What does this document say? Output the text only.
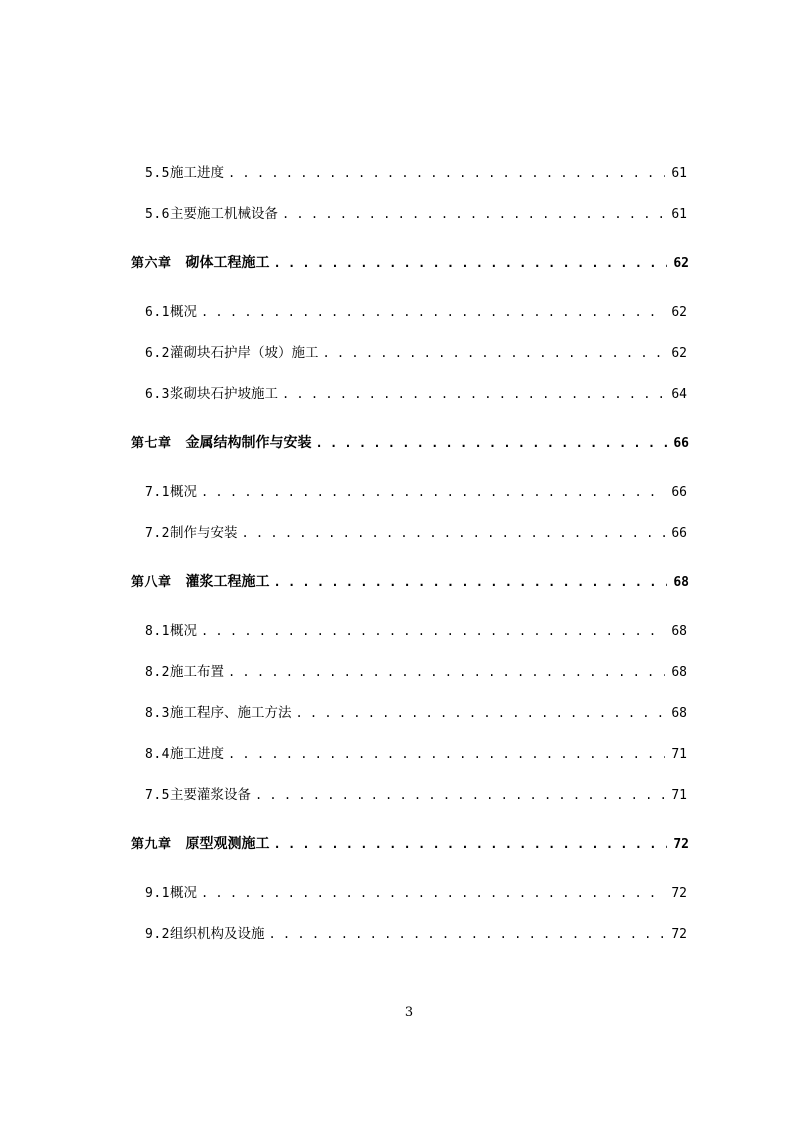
5.5 施工进度 . . .	61
5.6 主要施工机械设备 . . .	61
第六章 砌体工程施工 . . .	62
6.1 概况 . . .	62
6.2 灌砌块石护岸（坡）施工 . . .	62
6.3 浆砌块石护坡施工 . . .	64
第七章 金属结构制作与安装 . . .	66
7.1 概况 . . .	66
7.2 制作与安装 . . .	66
第八章 灌浆工程施工 . . .	68
8.1 概况 . . .	68
8.2 施工布置 . . .	68
8.3 施工程序、施工方法 . . .	68
8.4 施工进度 . . .	71
7.5 主要灌浆设备 . . .	71
第九章 原型观测施工 . . .	72
9.1 概况 . . .	72
9.2 组织机构及设施 . . .	72
3
